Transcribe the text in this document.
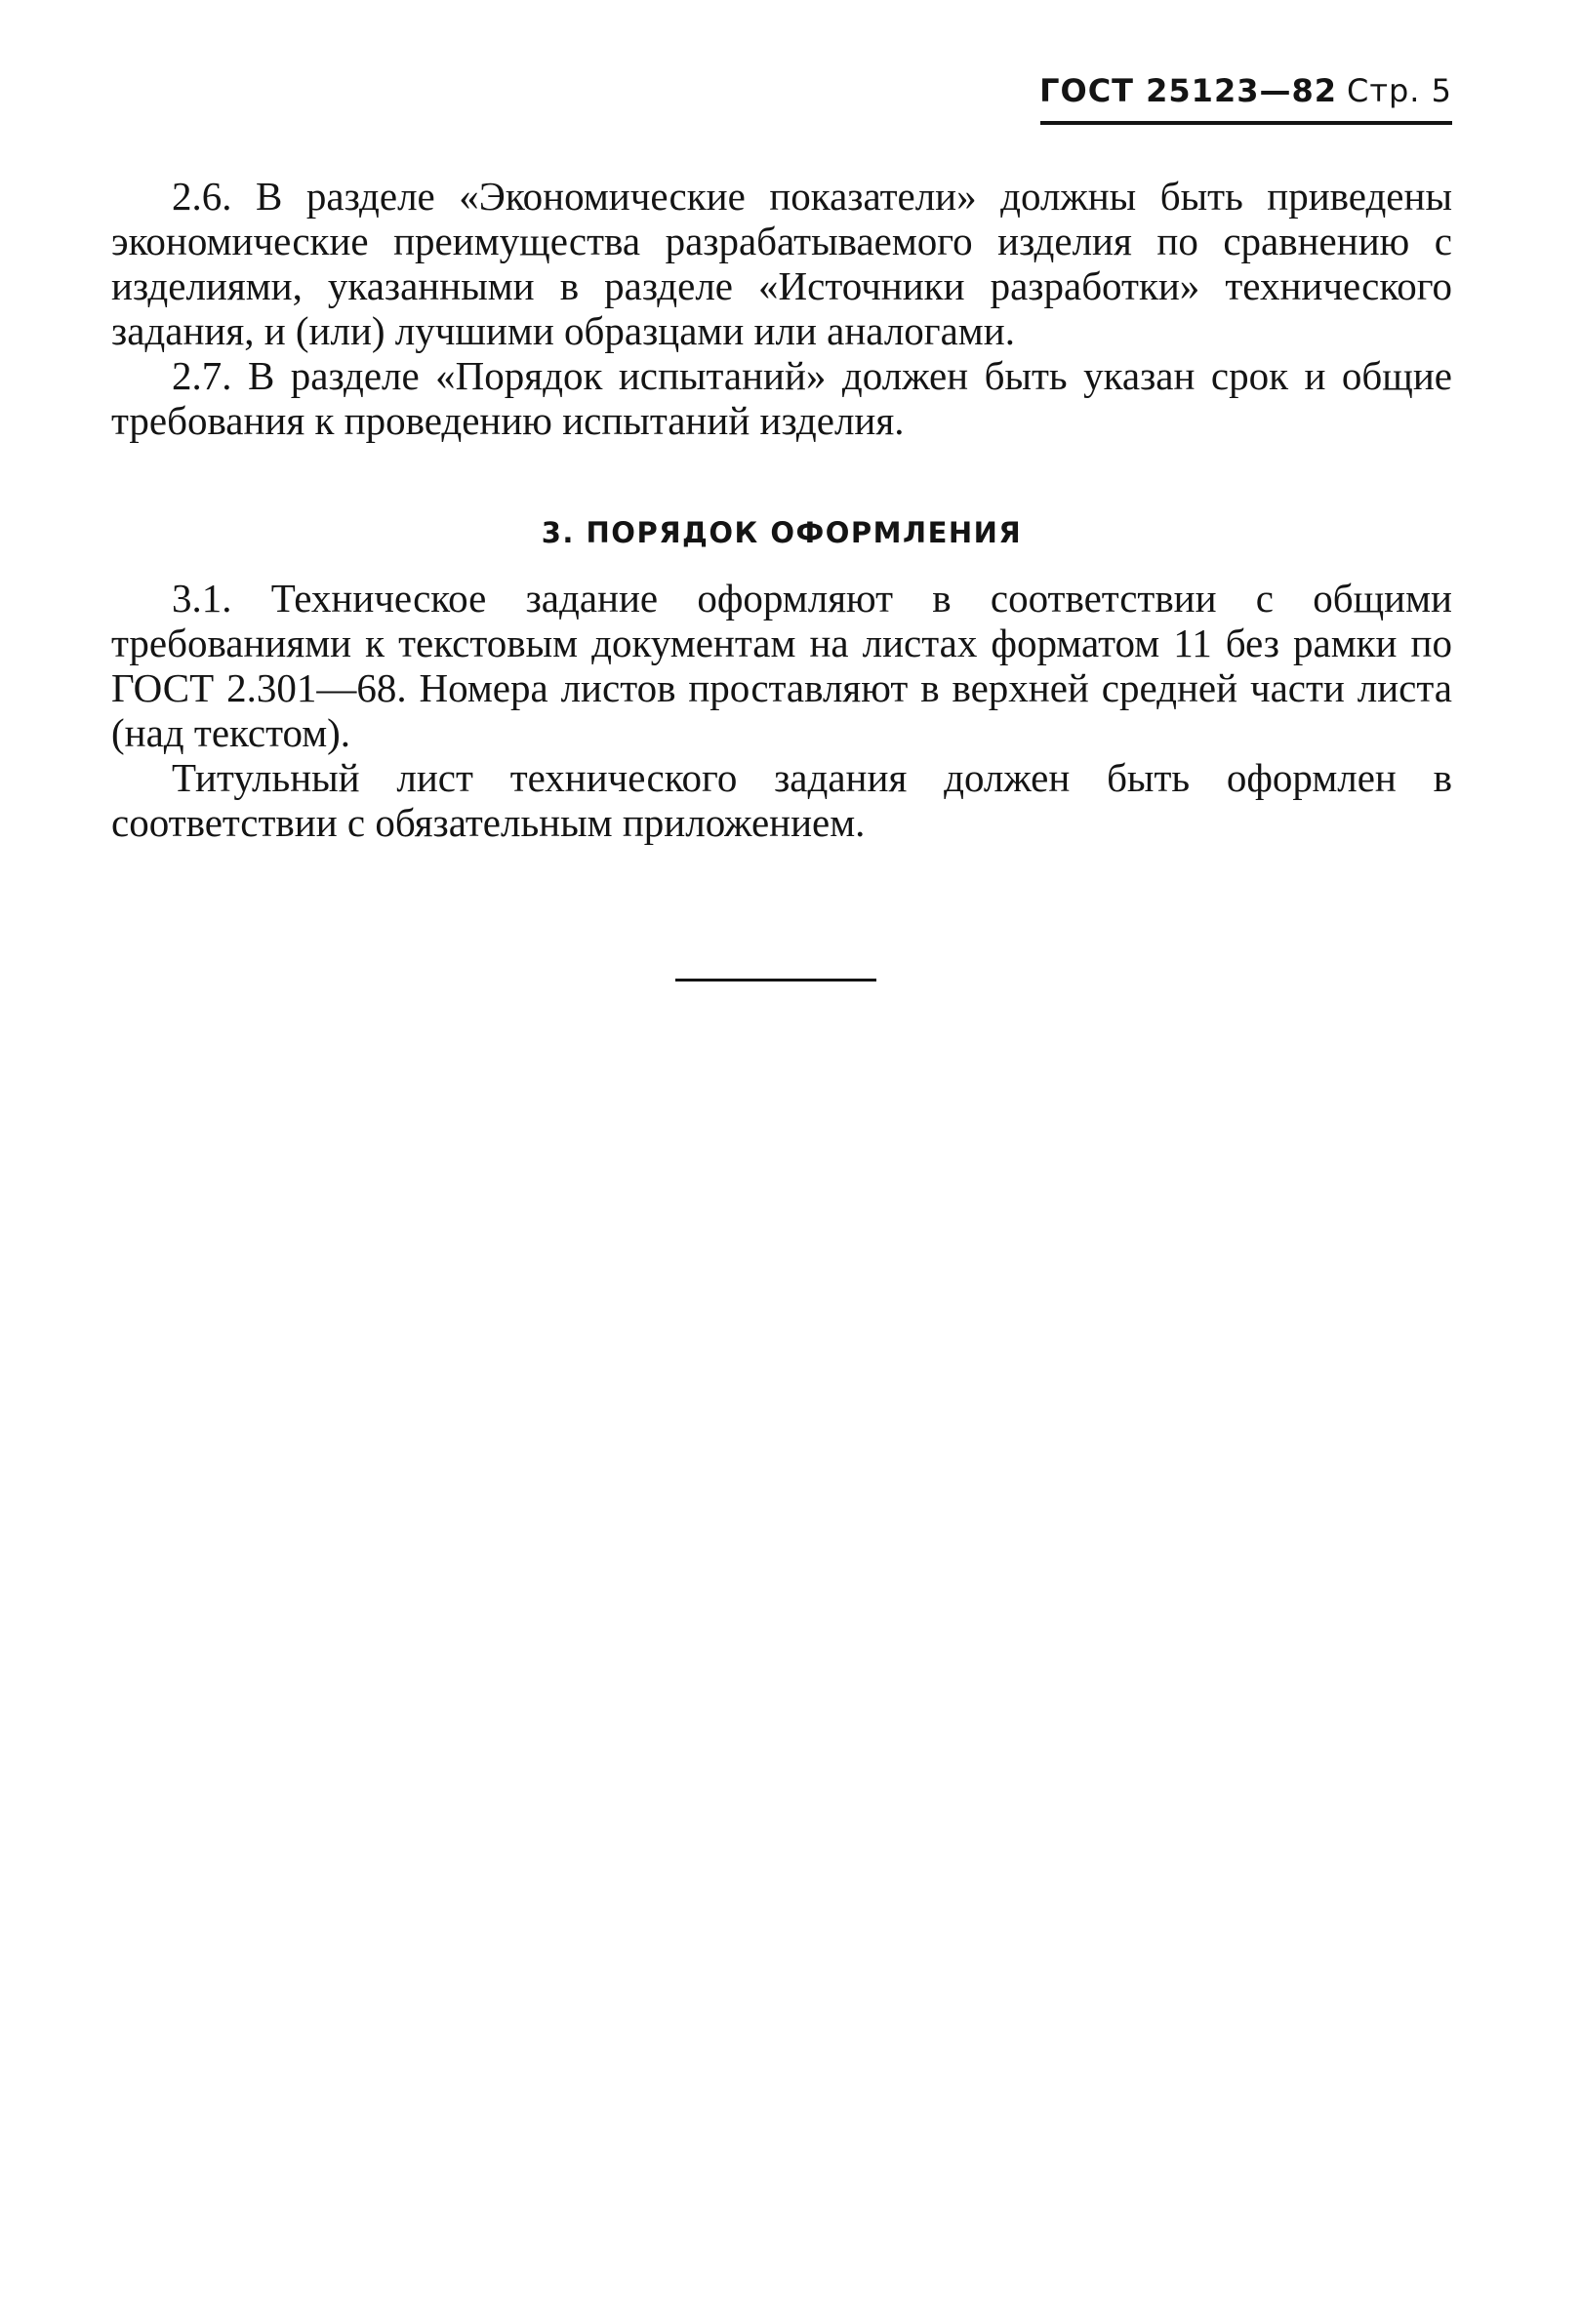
ГОСТ 25123—82 Стр. 5

2.6. В разделе «Экономические показатели» должны быть приведены экономические преимущества разрабатываемого изделия по сравнению с изделиями, указанными в разделе «Источники разработки» технического задания, и (или) лучшими образцами или аналогами.

2.7. В разделе «Порядок испытаний» должен быть указан срок и общие требования к проведению испытаний изделия.

3. ПОРЯДОК ОФОРМЛЕНИЯ

3.1. Техническое задание оформляют в соответствии с общими требованиями к текстовым документам на листах форматом 11 без рамки по ГОСТ 2.301—68. Номера листов проставляют в верхней средней части листа (над текстом).

Титульный лист технического задания должен быть оформлен в соответствии с обязательным приложением.
